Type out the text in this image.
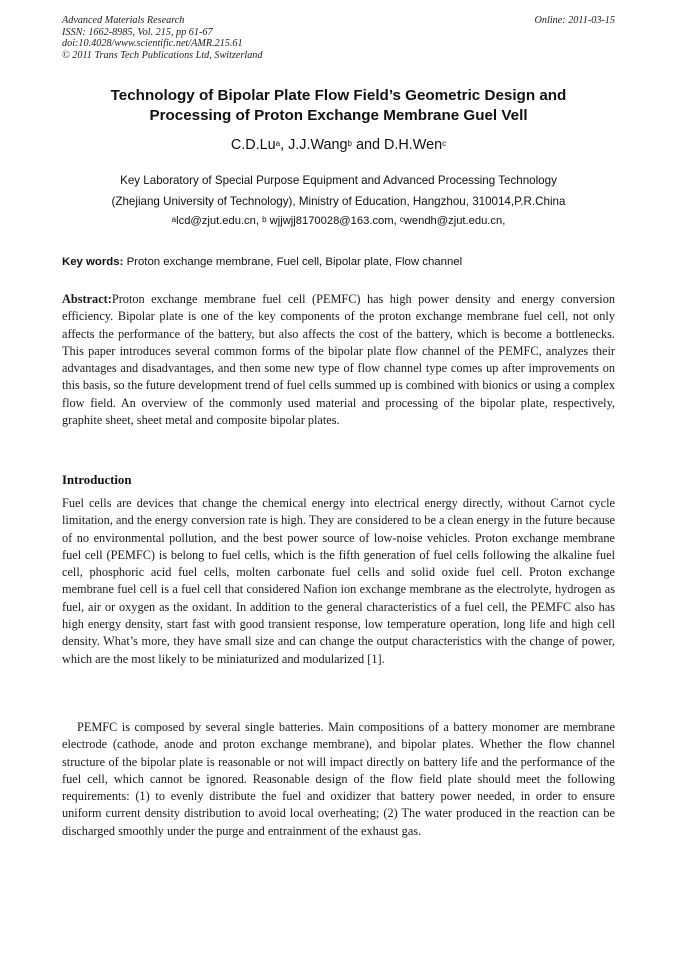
Advanced Materials Research
ISSN: 1662-8985, Vol. 215, pp 61-67
doi:10.4028/www.scientific.net/AMR.215.61
© 2011 Trans Tech Publications Ltd, Switzerland
Online: 2011-03-15
Technology of Bipolar Plate Flow Field’s Geometric Design and
Processing of Proton Exchange Membrane Guel Vell
C.D.Lu$^a$, J.J.Wang$^b$ and D.H.Wen$^c$
Key Laboratory of Special Purpose Equipment and Advanced Processing Technology
(Zhejiang University of Technology), Ministry of Education, Hangzhou, 310014,P.R.China
$^a$lcd@zjut.edu.cn, $^b$ wjjwjj8170028@163.com, $^c$wendh@zjut.edu.cn,
Key words: Proton exchange membrane, Fuel cell, Bipolar plate, Flow channel
Abstract:Proton exchange membrane fuel cell (PEMFC) has high power density and energy conversion efficiency. Bipolar plate is one of the key components of the proton exchange membrane fuel cell, not only affects the performance of the battery, but also affects the cost of the battery, which is become a bottlenecks. This paper introduces several common forms of the bipolar plate flow channel of the PEMFC, analyzes their advantages and disadvantages, and then some new type of flow channel type comes up after improvements on this basis, so the future development trend of fuel cells summed up is combined with bionics or using a complex flow field. An overview of the commonly used material and processing of the bipolar plate, respectively, graphite sheet, sheet metal and composite bipolar plates.
Introduction
Fuel cells are devices that change the chemical energy into electrical energy directly, without Carnot cycle limitation, and the energy conversion rate is high. They are considered to be a clean energy in the future because of no environmental pollution, and the best power source of low-noise vehicles. Proton exchange membrane fuel cell (PEMFC) is belong to fuel cells, which is the fifth generation of fuel cells following the alkaline fuel cell, phosphoric acid fuel cells, molten carbonate fuel cells and solid oxide fuel cell. Proton exchange membrane fuel cell is a fuel cell that considered Nafion ion exchange membrane as the electrolyte, hydrogen as fuel, air or oxygen as the oxidant. In addition to the general characteristics of a fuel cell, the PEMFC also has high energy density, start fast with good transient response, low temperature operation, long life and high cell density. What’s more, they have small size and can change the output characteristics with the change of power, which are the most likely to be miniaturized and modularized [1].
PEMFC is composed by several single batteries. Main compositions of a battery monomer are membrane electrode (cathode, anode and proton exchange membrane), and bipolar plates. Whether the flow channel structure of the bipolar plate is reasonable or not will impact directly on battery life and the performance of the fuel cell, which cannot be ignored. Reasonable design of the flow field plate should meet the following requirements: (1) to evenly distribute the fuel and oxidizer that battery power needed, in order to ensure uniform current density distribution to avoid local overheating; (2) The water produced in the reaction can be discharged smoothly under the purge and entrainment of the exhaust gas.
